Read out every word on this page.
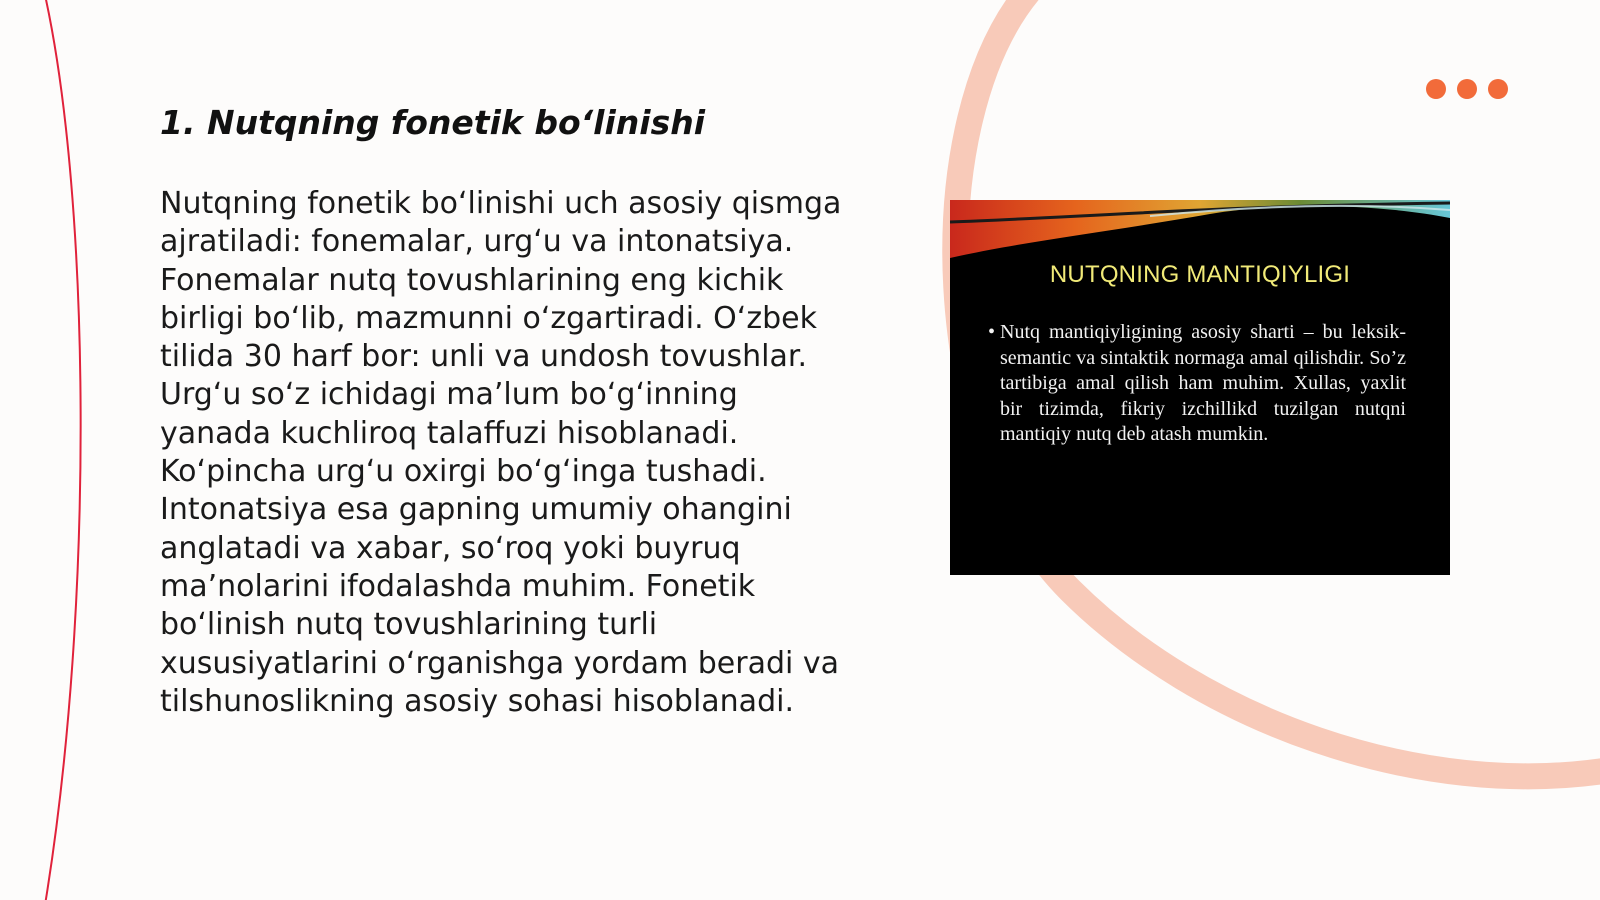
1. Nutqning fonetik bo‘linishi

Nutqning fonetik bo‘linishi uch asosiy qismga ajratiladi: fonemalar, urg‘u va intonatsiya. Fonemalar nutq tovushlarining eng kichik birligi bo‘lib, mazmunni o‘zgartiradi. O‘zbek tilida 30 harf bor: unli va undosh tovushlar. Urg‘u so‘z ichidagi ma’lum bo‘g‘inning yanada kuchliroq talaffuzi hisoblanadi. Ko‘pincha urg‘u oxirgi bo‘g‘inga tushadi. Intonatsiya esa gapning umumiy ohangini anglatadi va xabar, so‘roq yoki buyruq ma’nolarini ifodalashda muhim. Fonetik bo‘linish nutq tovushlarining turli xususiyatlarini o‘rganishga yordam beradi va tilshunoslikning asosiy sohasi hisoblanadi.

NUTQNING MANTIQIYLIGI
• Nutq mantiqiyligining asosiy sharti – bu leksik-semantic va sintaktik normaga amal qilishdir. So’z tartibiga amal qilish ham muhim. Xullas, yaxlit bir tizimda, fikriy izchillikd tuzilgan nutqni mantiqiy nutq deb atash mumkin.
